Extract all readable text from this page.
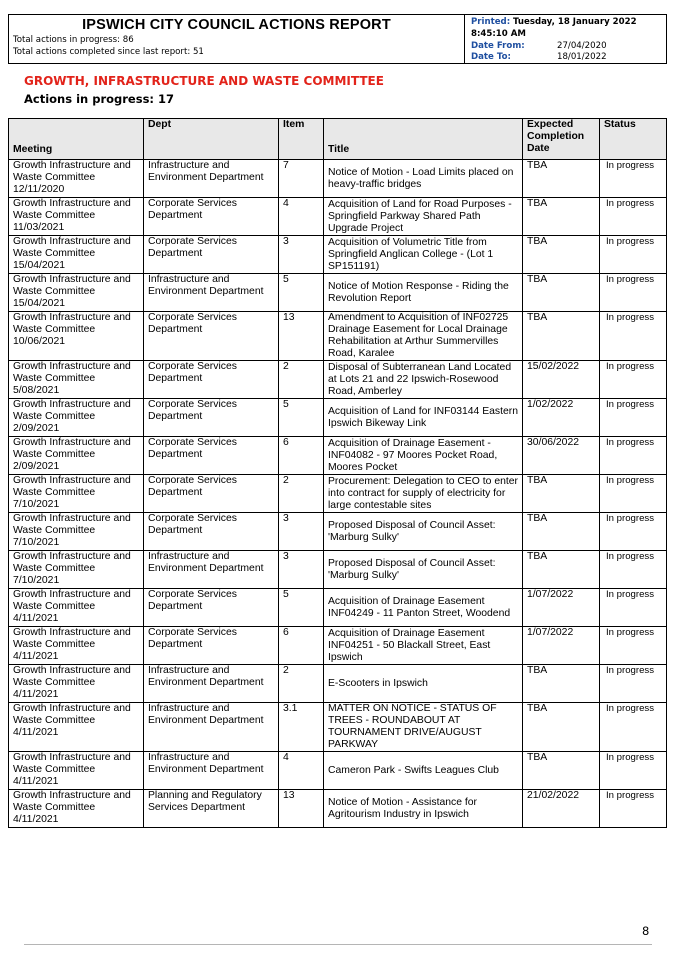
IPSWICH CITY COUNCIL ACTIONS REPORT
Total actions in progress: 86
Total actions completed since last report: 51
Printed: Tuesday, 18 January 2022
8:45:10 AM
Date From:	27/04/2020
Date To:	18/01/2022
GROWTH, INFRASTRUCTURE AND WASTE COMMITTEE
Actions in progress: 17
Meeting	Dept	Item	Title	Expected Completion Date	Status
Growth Infrastructure and Waste Committee 12/11/2020	Infrastructure and Environment Department	7	Notice of Motion - Load Limits placed on heavy-traffic bridges	TBA	In progress
Growth Infrastructure and Waste Committee 11/03/2021	Corporate Services Department	4	Acquisition of Land for Road Purposes - Springfield Parkway Shared Path Upgrade Project	TBA	In progress
Growth Infrastructure and Waste Committee 15/04/2021	Corporate Services Department	3	Acquisition of Volumetric Title from Springfield Anglican College - (Lot 1 SP151191)	TBA	In progress
Growth Infrastructure and Waste Committee 15/04/2021	Infrastructure and Environment Department	5	Notice of Motion Response - Riding the Revolution Report	TBA	In progress
Growth Infrastructure and Waste Committee 10/06/2021	Corporate Services Department	13	Amendment to Acquisition of INF02725 Drainage Easement for Local Drainage Rehabilitation at Arthur Summervilles Road, Karalee	TBA	In progress
Growth Infrastructure and Waste Committee 5/08/2021	Corporate Services Department	2	Disposal of Subterranean Land Located at Lots 21 and 22 Ipswich-Rosewood Road, Amberley	15/02/2022	In progress
Growth Infrastructure and Waste Committee 2/09/2021	Corporate Services Department	5	Acquisition of Land for INF03144 Eastern Ipswich Bikeway Link	1/02/2022	In progress
Growth Infrastructure and Waste Committee 2/09/2021	Corporate Services Department	6	Acquisition of Drainage Easement - INF04082 - 97 Moores Pocket Road, Moores Pocket	30/06/2022	In progress
Growth Infrastructure and Waste Committee 7/10/2021	Corporate Services Department	2	Procurement: Delegation to CEO to enter into contract for supply of electricity for large contestable sites	TBA	In progress
Growth Infrastructure and Waste Committee 7/10/2021	Corporate Services Department	3	Proposed Disposal of Council Asset: 'Marburg Sulky'	TBA	In progress
Growth Infrastructure and Waste Committee 7/10/2021	Infrastructure and Environment Department	3	Proposed Disposal of Council Asset: 'Marburg Sulky'	TBA	In progress
Growth Infrastructure and Waste Committee 4/11/2021	Corporate Services Department	5	Acquisition of Drainage Easement INF04249 - 11 Panton Street, Woodend	1/07/2022	In progress
Growth Infrastructure and Waste Committee 4/11/2021	Corporate Services Department	6	Acquisition of Drainage Easement INF04251 - 50 Blackall Street, East Ipswich	1/07/2022	In progress
Growth Infrastructure and Waste Committee 4/11/2021	Infrastructure and Environment Department	2	E-Scooters in Ipswich	TBA	In progress
Growth Infrastructure and Waste Committee 4/11/2021	Infrastructure and Environment Department	3.1	MATTER ON NOTICE - STATUS OF TREES - ROUNDABOUT AT TOURNAMENT DRIVE/AUGUST PARKWAY	TBA	In progress
Growth Infrastructure and Waste Committee 4/11/2021	Infrastructure and Environment Department	4	Cameron Park - Swifts Leagues Club	TBA	In progress
Growth Infrastructure and Waste Committee 4/11/2021	Planning and Regulatory Services Department	13	Notice of Motion - Assistance for Agritourism Industry in Ipswich	21/02/2022	In progress
8
